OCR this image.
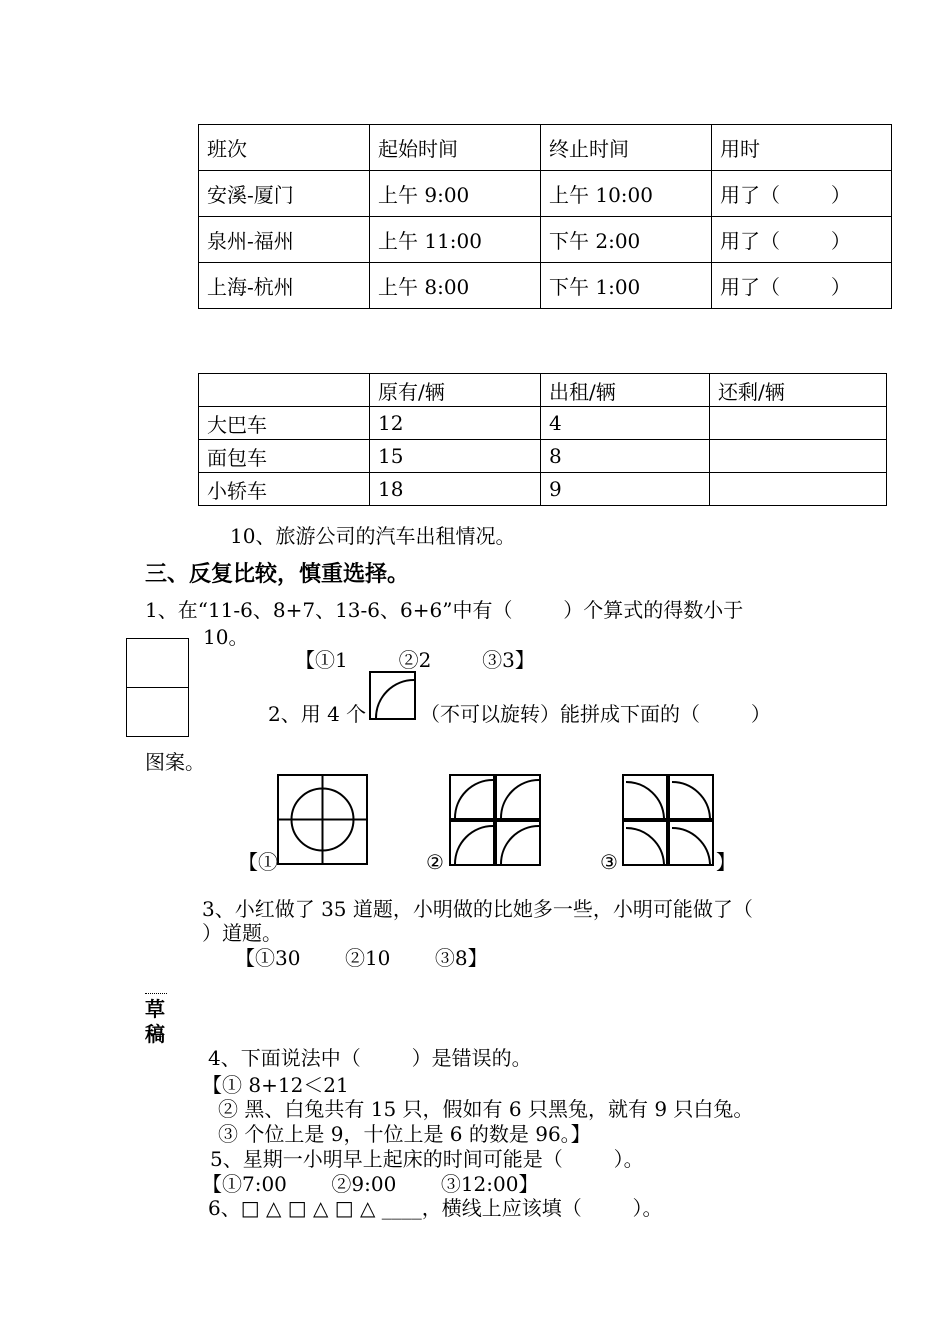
班次	起始时间	终止时间	用时
安溪-厦门	上午 9:00	上午 10:00	用了（        ）
泉州-福州	上午 11:00	下午 2:00	用了（        ）
上海-杭州	上午 8:00	下午 1:00	用了（        ）
	原有/辆	出租/辆	还剩/辆
大巴车	12	4	
面包车	15	8	
小轿车	18	9	
10、旅游公司的汽车出租情况。
三、反复比较，慎重选择。
1、在“11-6、8+7、13-6、6+6”中有（        ）个算式的得数小于
10。
【①1        ②2        ③3】
2、用 4 个	（不可以旋转）能拼成下面的（        ）
图案。
【①	②	③	】
3、小红做了 35 道题，小明做的比她多一些，小明可能做了（
）道题。
【①30       ②10       ③8】
草
稿
4、下面说法中（        ）是错误的。
【① 8+12＜21
② 黑、白兔共有 15 只，假如有 6 只黑兔，就有 9 只白兔。
③ 个位上是 9，十位上是 6 的数是 96。】
5、星期一小明早上起床的时间可能是（        ）。
【①7:00       ②9:00       ③12:00】
6、□ △ □ △ □ △ ____，横线上应该填（        ）。
